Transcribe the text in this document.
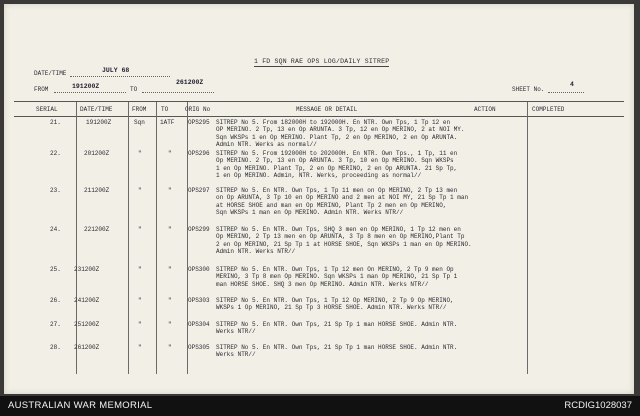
1 FD SQN RAE OPS LOG/DAILY SITREP
DATE/TIME	JULY 68
FROM	191200Z	TO
261200Z
SHEET No.
4
SERIAL	DATE/TIME	FROM TO	ORIG No	MESSAGE OR DETAIL	ACTION	COMPLETED
21.	191200Z	Sqn	1ATF OPS295 SITREP No 5. From 182000H to 192000H. En NTR. Own Tps, 1 Tp 12 en
OP MERINO. 2 Tp, 13 en Op ARUNTA. 3 Tp, 12 en Op MERINO, 2 at NOI MY.
Sqn WKSPs 1 en Op MERINO. Plant Tp, 2 en Op MERINO, 2 en Op ARUNTA.
Admin NTR. Werks as normal//
22.	201200Z	"	"	OPS296 SITREP No 5. From 192000H to 202000H. En NTR. Own Tps., 1 Tp, 11 en
Op MERINO. 2 Tp, 13 en Op ARUNTA. 3 Tp, 10 en Op MERINO. Sqn WKSPs
1 en Op MERINO. Plant Tp, 2 en Op MERINO, 2 en Op ARUNTA. 21 Sp Tp,
1 en Op MERINO. Admin, NTR. Werks, proceeding as normal//
23.	211200Z	"	"	OPS297 SITREP No 5. En NTR. Own Tps, 1 Tp 11 men on Op MERINO, 2 Tp 13 men
on Op ARUNTA, 3 Tp 10 en Op MERINO and 2 men at NOI MY, 21 Sp Tp 1 man
at HORSE SHOE and man en Op MERINO, Plant Tp 2 men en Op MERINO,
Sqn WKSPs 1 man en Op MERINO. Admin NTR. Werks NTR//
24.	221200Z	"	"	OPS299 SITREP No 5. En NTR. Own Tps, SHQ 3 men en Op MERINO, 1 Tp 12 men en
Op MERINO, 2 Tp 13 men en Op ARUNTA, 3 Tp 8 men en Op MERINO,Plant Tp
2 en Op MERINO, 21 Sp Tp 1 at HORSE SHOE, Sqn WKSPs 1 man en Op MERINO.
Admin NTR. Werks NTR//
25. 231200Z	"	"	OPS300 SITREP No 5. En NTR. Own Tps, 1 Tp 12 men On MERINO, 2 Tp 9 men Op
MERINO, 3 Tp 8 men Op MERINO. Sqn WKSPs 1 man Op MERINO, 21 Sp Tp 1
man HORSE SHOE. SHQ 3 men Op MERINO. Admin NTR. Werks NTR//
26. 241200Z	"	"	OPS303 SITREP No 5. En NTR. Own Tps, 1 Tp 12 Op MERINO, 2 Tp 9 Op MERINO,
WKSPs 1 Op MERINO, 21 Sp Tp 3 HORSE SHOE. Admin NTR. Werks NTR//
27. 251200Z	"	"	OPS304 SITREP No 5. En NTR. Own Tps, 21 Sp Tp 1 man HORSE SHOE. Admin NTR.
Werks NTR//
28. 261200Z	"	"	OPS305 SITREP No 5. En NTR. Own Tps, 21 Sp Tp 1 man HORSE SHOE. Admin NTR.
Werks NTR//
AUSTRALIAN WAR MEMORIAL	RCDIG1028037
